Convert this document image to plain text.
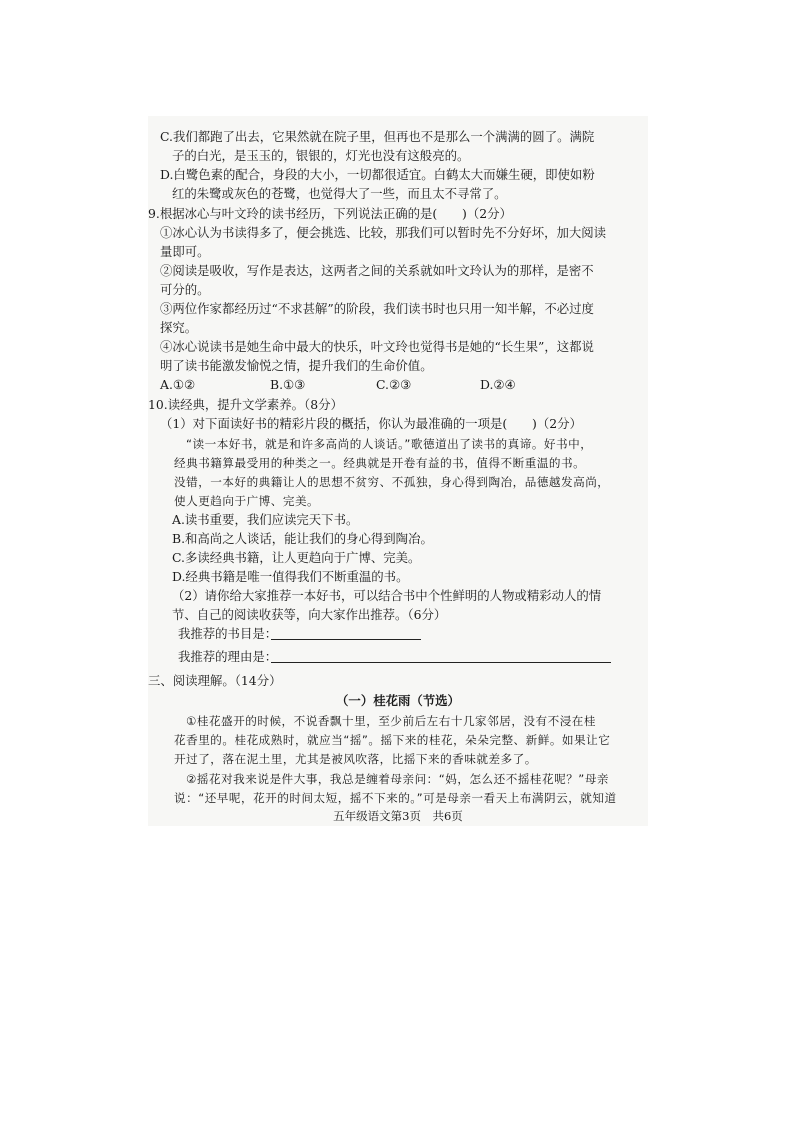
C.我们都跑了出去，它果然就在院子里，但再也不是那么一个满满的圆了。满院
子的白光，是玉玉的，银银的，灯光也没有这般亮的。
D.白鹭色素的配合，身段的大小，一切都很适宜。白鹤太大而嫌生硬，即使如粉
红的朱鹭或灰色的苍鹭，也觉得大了一些，而且太不寻常了。
9.根据冰心与叶文玲的读书经历，下列说法正确的是(　　)（2分）
①冰心认为书读得多了，便会挑选、比较，那我们可以暂时先不分好坏，加大阅读
量即可。
②阅读是吸收，写作是表达，这两者之间的关系就如叶文玲认为的那样，是密不
可分的。
③两位作家都经历过“不求甚解”的阶段，我们读书时也只用一知半解，不必过度
探究。
④冰心说读书是她生命中最大的快乐，叶文玲也觉得书是她的“长生果”，这都说
明了读书能激发愉悦之情，提升我们的生命价值。
A.①②	B.①③	C.②③	D.②④
10.读经典，提升文学素养。（8分）
（1）对下面读好书的精彩片段的概括，你认为最准确的一项是(　　)（2分）
“读一本好书，就是和许多高尚的人谈话。”歌德道出了读书的真谛。好书中，
经典书籍算最受用的种类之一。经典就是开卷有益的书，值得不断重温的书。
没错，一本好的典籍让人的思想不贫穷、不孤独，身心得到陶冶，品德越发高尚，
使人更趋向于广博、完美。
A.读书重要，我们应读完天下书。
B.和高尚之人谈话，能让我们的身心得到陶冶。
C.多读经典书籍，让人更趋向于广博、完美。
D.经典书籍是唯一值得我们不断重温的书。
（2）请你给大家推荐一本好书，可以结合书中个性鲜明的人物或精彩动人的情
节、自己的阅读收获等，向大家作出推荐。（6分）
我推荐的书目是：
我推荐的理由是：
三、阅读理解。（14分）
（一）桂花雨（节选）
①桂花盛开的时候，不说香飘十里，至少前后左右十几家邻居，没有不浸在桂
花香里的。桂花成熟时，就应当“摇”。摇下来的桂花，朵朵完整、新鲜。如果让它
开过了，落在泥土里，尤其是被风吹落，比摇下来的香味就差多了。
②摇花对我来说是件大事，我总是缠着母亲问：“妈，怎么还不摇桂花呢？”母亲
说：“还早呢，花开的时间太短，摇不下来的。”可是母亲一看天上布满阴云，就知道
五年级语文第3页　共6页
